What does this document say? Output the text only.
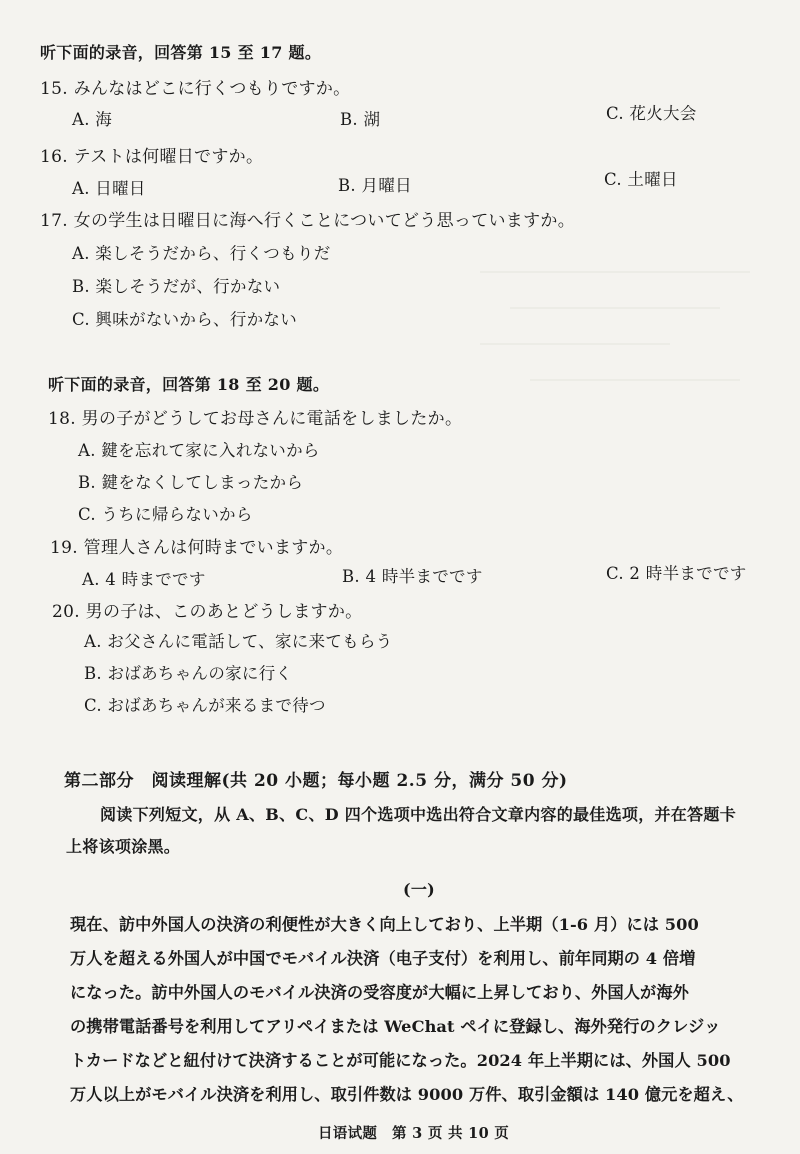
听下面的录音，回答第 15 至 17 题。
15. みんなはどこに行くつもりですか。
A. 海	B. 湖	C. 花火大会
16. テストは何曜日ですか。
A. 日曜日	B. 月曜日	C. 土曜日
17. 女の学生は日曜日に海へ行くことについてどう思っていますか。
A. 楽しそうだから、行くつもりだ
B. 楽しそうだが、行かない
C. 興味がないから、行かない
听下面的录音，回答第 18 至 20 题。
18. 男の子がどうしてお母さんに電話をしましたか。
A. 鍵を忘れて家に入れないから
B. 鍵をなくしてしまったから
C. うちに帰らないから
19. 管理人さんは何時までいますか。
A. 4 時までです	B. 4 時半までです	C. 2 時半までです
20. 男の子は、このあとどうしますか。
A. お父さんに電話して、家に来てもらう
B. おばあちゃんの家に行く
C. おばあちゃんが来るまで待つ
第二部分　阅读理解(共 20 小题；每小题 2.5 分，满分 50 分)
阅读下列短文，从 A、B、C、D 四个选项中选出符合文章内容的最佳选项，并在答题卡
上将该项涂黑。
(一)
現在、訪中外国人の決済の利便性が大きく向上しており、上半期（1-6 月）には 500
万人を超える外国人が中国でモバイル決済（电子支付）を利用し、前年同期の 4 倍増
になった。訪中外国人のモバイル決済の受容度が大幅に上昇しており、外国人が海外
の携帯電話番号を利用してアリペイまたは WeChat ペイに登録し、海外発行のクレジッ
トカードなどと紐付けて決済することが可能になった。2024 年上半期には、外国人 500
万人以上がモバイル決済を利用し、取引件数は 9000 万件、取引金額は 140 億元を超え、
日语试题　第 3 页 共 10 页
